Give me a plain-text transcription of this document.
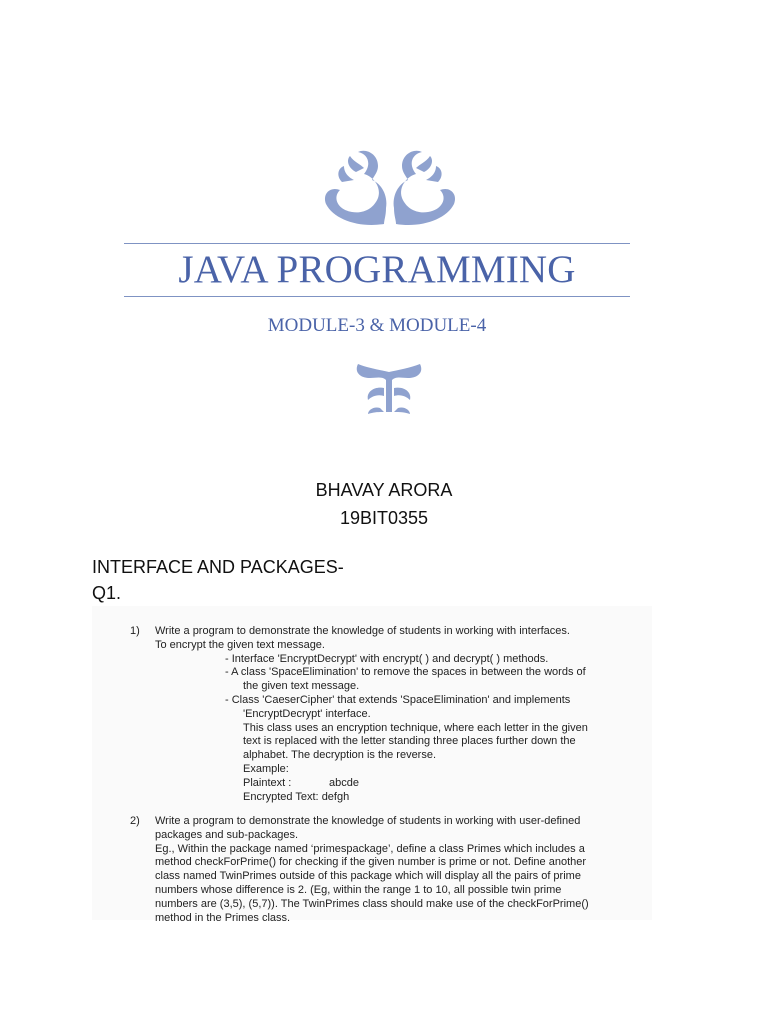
JAVA PROGRAMMING
MODULE-3 & MODULE-4
BHAVAY ARORA
19BIT0355
INTERFACE AND PACKAGES-
Q1.
1) Write a program to demonstrate the knowledge of students in working with interfaces.
To encrypt the given text message.
- Interface 'EncryptDecrypt' with encrypt( ) and decrypt( ) methods.
- A class 'SpaceElimination' to remove the spaces in between the words of
the given text message.
- Class 'CaeserCipher' that extends 'SpaceElimination' and implements
'EncryptDecrypt' interface.
This class uses an encryption technique, where each letter in the given
text is replaced with the letter standing three places further down the
alphabet. The decryption is the reverse.
Example:
Plaintext :	abcde
Encrypted Text: defgh
2) Write a program to demonstrate the knowledge of students in working with user-defined
packages and sub-packages.
Eg., Within the package named ‘primespackage’, define a class Primes which includes a
method checkForPrime() for checking if the given number is prime or not. Define another
class named TwinPrimes outside of this package which will display all the pairs of prime
numbers whose difference is 2. (Eg, within the range 1 to 10, all possible twin prime
numbers are (3,5), (5,7)). The TwinPrimes class should make use of the checkForPrime()
method in the Primes class.
